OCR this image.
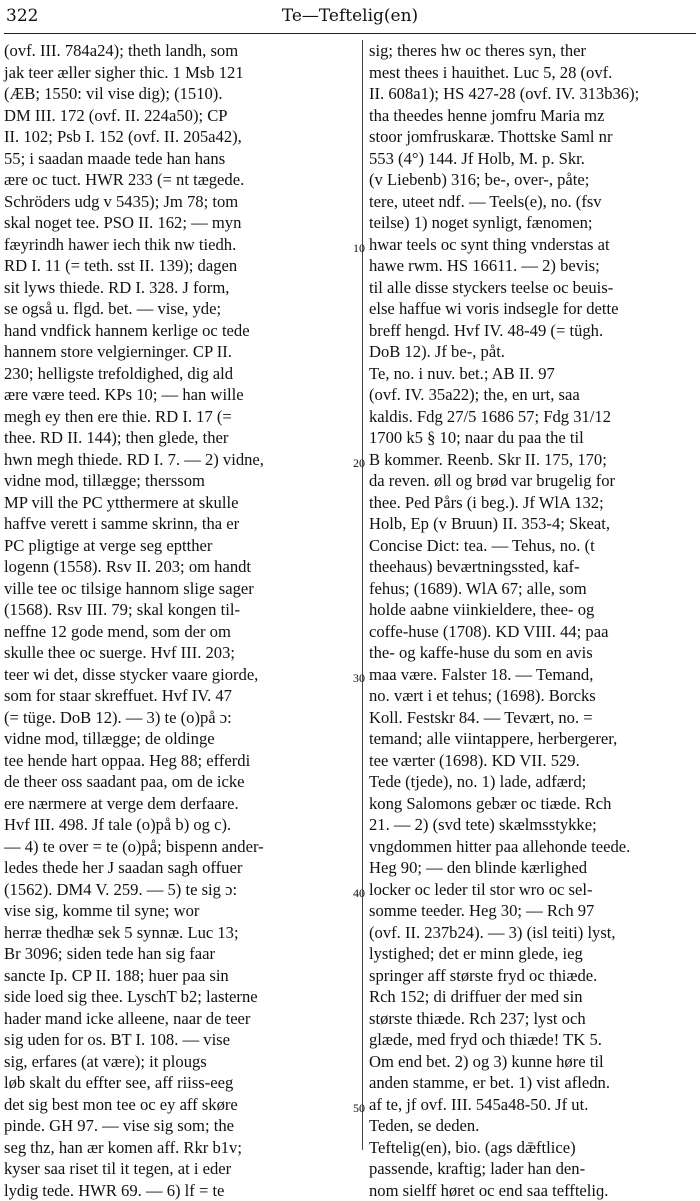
322	Te—Teftelig(en)
(ovf. III. 784a24); theth landh, som
jak teer æller sigher thic. 1 Msb 121
(ÆB; 1550: vil vise dig); (1510).
DM III. 172 (ovf. II. 224a50); CP
II. 102; Psb I. 152 (ovf. II. 205a42),
55; i saadan maade tede han hans
ære oc tuct. HWR 233 (= nt tægede.
Schröders udg v 5435); Jm 78; tom
skal noget tee. PSO II. 162; — myn
fæyrindh hawer iech thik nw tiedh.
RD I. 11 (= teth. sst II. 139); dagen
sit lyws thiede. RD I. 328. J form,
se også u. flgd. bet. — vise, yde;
hand vndfick hannem kerlige oc tede
hannem store velgierninger. CP II.
230; helligste trefoldighed, dig ald
ære være teed. KPs 10; — han wille
megh ey then ere thie. RD I. 17 (=
thee. RD II. 144); then glede, ther
hwn megh thiede. RD I. 7. — 2) vidne,
vidne mod, tillægge; therssom
MP vill the PC ytthermere at skulle
haffve verett i samme skrinn, tha er
PC pligtige at verge seg eptther
logenn (1558). Rsv II. 203; om handt
ville tee oc tilsige hannom slige sager
(1568). Rsv III. 79; skal kongen til-
neffne 12 gode mend, som der om
skulle thee oc suerge. Hvf III. 203;
teer wi det, disse stycker vaare giorde,
som for staar skreffuet. Hvf IV. 47
(= tüge. DoB 12). — 3) te (o)på ɔ:
vidne mod, tillægge; de oldinge
tee hende hart oppaa. Heg 88; efferdi
de theer oss saadant paa, om de icke
ere nærmere at verge dem derfaare.
Hvf III. 498. Jf tale (o)på b) og c).
— 4) te over = te (o)på; bispenn ander-
ledes thede her J saadan sagh offuer
(1562). DM4 V. 259. — 5) te sig ɔ:
vise sig, komme til syne; wor
herræ thedhæ sek 5 synnæ. Luc 13;
Br 3096; siden tede han sig faar
sancte Ip. CP II. 188; huer paa sin
side loed sig thee. LyschT b2; lasterne
hader mand icke alleene, naar de teer
sig uden for os. BT I. 108. — vise
sig, erfares (at være); it plougs
løb skalt du effter see, aff riiss-eeg
det sig best mon tee oc ey aff skøre
pinde. GH 97. — vise sig som; the
seg thz, han ær komen aff. Rkr b1v;
kyser saa riset til it tegen, at i eder
lydig tede. HWR 69. — 6) lf = te
10
20
30
40
50
sig; theres hw oc theres syn, ther
mest thees i hauithet. Luc 5, 28 (ovf.
II. 608a1); HS 427-28 (ovf. IV. 313b36);
tha theedes henne jomfru Maria mz
stoor jomfruskaræ. Thottske Saml nr
553 (4°) 144. Jf Holb, M. p. Skr.
(v Liebenb) 316; be-, over-, påte;
tere, uteet ndf. — Teels(e), no. (fsv
teilse) 1) noget synligt, fænomen;
hwar teels oc synt thing vnderstas at
hawe rwm. HS 16611. — 2) bevis;
til alle disse styckers teelse oc beuis-
else haffue wi voris indsegle for dette
breff hengd. Hvf IV. 48-49 (= tügh.
DoB 12). Jf be-, påt.
Te, no. i nuv. bet.; AB II. 97
(ovf. IV. 35a22); the, en urt, saa
kaldis. Fdg 27/5 1686 57; Fdg 31/12
1700 k5 § 10; naar du paa the til
B kommer. Reenb. Skr II. 175, 170;
da reven. øll og brød var brugelig for
thee. Ped Pårs (i beg.). Jf WlA 132;
Holb, Ep (v Bruun) II. 353-4; Skeat,
Concise Dict: tea. — Tehus, no. (t
theehaus) beværtningssted, kaf-
fehus; (1689). WlA 67; alle, som
holde aabne viinkieldere, thee- og
coffe-huse (1708). KD VIII. 44; paa
the- og kaffe-huse du som en avis
maa være. Falster 18. — Temand,
no. vært i et tehus; (1698). Borcks
Koll. Festskr 84. — Tevært, no. =
temand; alle viintappere, herbergerer,
tee værter (1698). KD VII. 529.
Tede (tjede), no. 1) lade, adfærd;
kong Salomons gebær oc tiæde. Rch
21. — 2) (svd tete) skælmsstykke;
vngdommen hitter paa allehonde teede.
Heg 90; — den blinde kærlighed
locker oc leder til stor wro oc sel-
somme teeder. Heg 30; — Rch 97
(ovf. II. 237b24). — 3) (isl teiti) lyst,
lystighed; det er minn glede, ieg
springer aff største fryd oc thiæde.
Rch 152; di driffuer der med sin
største thiæde. Rch 237; lyst och
glæde, med fryd och thiæde! TK 5.
Om end bet. 2) og 3) kunne høre til
anden stamme, er bet. 1) vist afledn.
af te, jf ovf. III. 545a48-50. Jf ut.
Teden, se deden.
Teftelig(en), bio. (ags dǣftlice)
passende, kraftig; lader han den-
nom sielff høret oc end saa teffteliɡ.
